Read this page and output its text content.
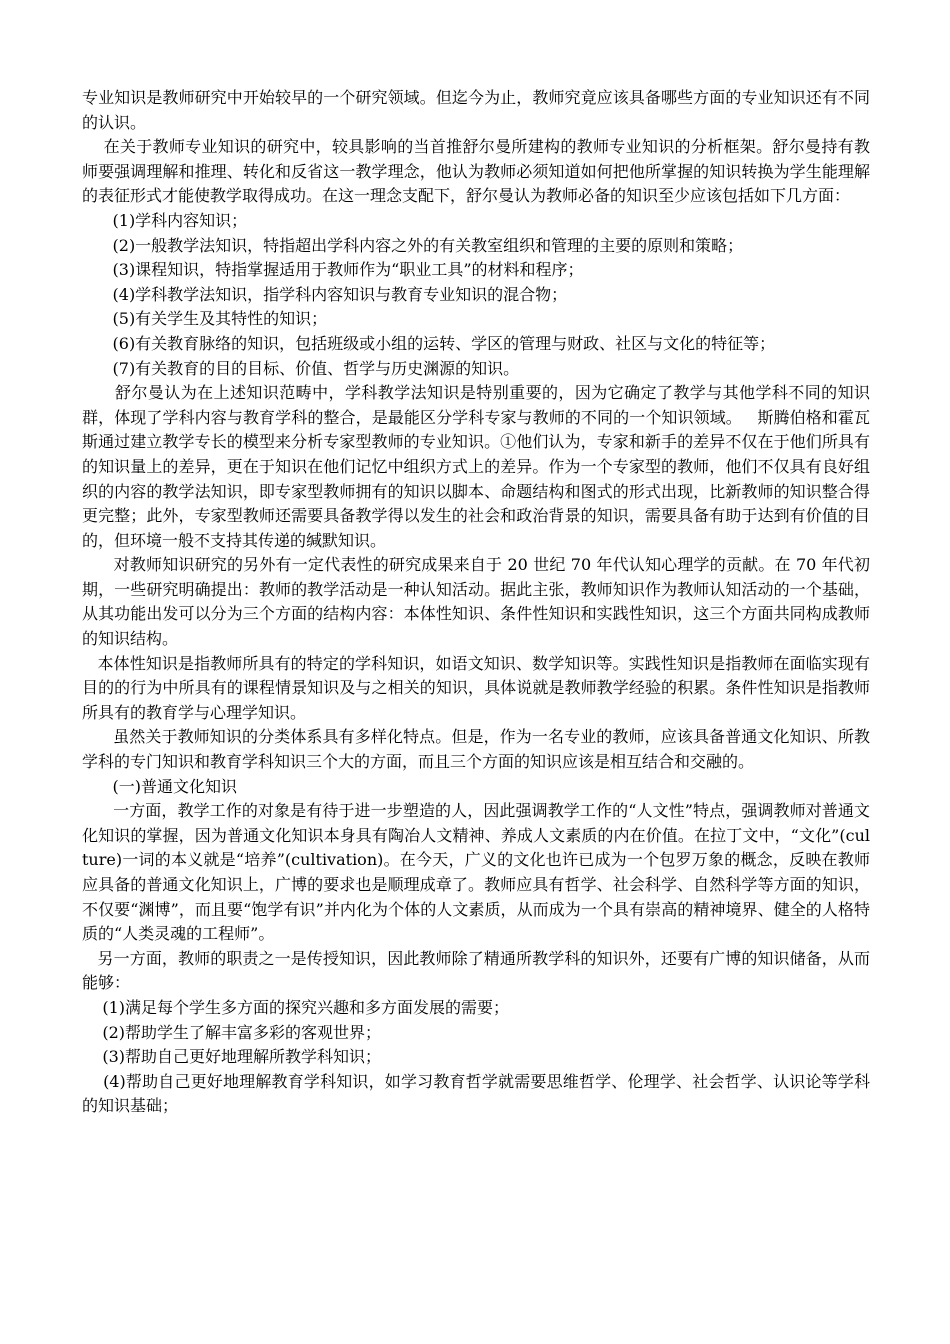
专业知识是教师研究中开始较早的一个研究领域。但迄今为止，教师究竟应该具备哪些方面的专业知识还有不同的认识。

在关于教师专业知识的研究中，较具影响的当首推舒尔曼所建构的教师专业知识的分析框架。舒尔曼持有教师要强调理解和推理、转化和反省这一教学理念，他认为教师必须知道如何把他所掌握的知识转换为学生能理解的表征形式才能使教学取得成功。在这一理念支配下，舒尔曼认为教师必备的知识至少应该包括如下几方面：

(1)学科内容知识；

(2)一般教学法知识，特指超出学科内容之外的有关教室组织和管理的主要的原则和策略；

(3)课程知识，特指掌握适用于教师作为“职业工具”的材料和程序；

(4)学科教学法知识，指学科内容知识与教育专业知识的混合物；

(5)有关学生及其特性的知识；

(6)有关教育脉络的知识，包括班级或小组的运转、学区的管理与财政、社区与文化的特征等；

(7)有关教育的目的目标、价值、哲学与历史渊源的知识。

舒尔曼认为在上述知识范畴中，学科教学法知识是特别重要的，因为它确定了教学与其他学科不同的知识群，体现了学科内容与教育学科的整合，是最能区分学科专家与教师的不同的一个知识领域。   斯腾伯格和霍瓦斯通过建立教学专长的模型来分析专家型教师的专业知识。①他们认为，专家和新手的差异不仅在于他们所具有的知识量上的差异，更在于知识在他们记忆中组织方式上的差异。作为一个专家型的教师，他们不仅具有良好组织的内容的教学法知识，即专家型教师拥有的知识以脚本、命题结构和图式的形式出现，比新教师的知识整合得更完整；此外，专家型教师还需要具备教学得以发生的社会和政治背景的知识，需要具备有助于达到有价值的目的，但环境一般不支持其传递的缄默知识。

对教师知识研究的另外有一定代表性的研究成果来自于 20 世纪 70 年代认知心理学的贡献。在 70 年代初期，一些研究明确提出：教师的教学活动是一种认知活动。据此主张，教师知识作为教师认知活动的一个基础，从其功能出发可以分为三个方面的结构内容：本体性知识、条件性知识和实践性知识，这三个方面共同构成教师的知识结构。

本体性知识是指教师所具有的特定的学科知识，如语文知识、数学知识等。实践性知识是指教师在面临实现有目的的行为中所具有的课程情景知识及与之相关的知识，具体说就是教师教学经验的积累。条件性知识是指教师所具有的教育学与心理学知识。

虽然关于教师知识的分类体系具有多样化特点。但是，作为一名专业的教师，应该具备普通文化知识、所教学科的专门知识和教育学科知识三个大的方面，而且三个方面的知识应该是相互结合和交融的。

(一)普通文化知识

一方面，教学工作的对象是有待于进一步塑造的人，因此强调教学工作的“人文性”特点，强调教师对普通文化知识的掌握，因为普通文化知识本身具有陶冶人文精神、养成人文素质的内在价值。在拉丁文中，“文化”(culture)一词的本义就是“培养”(cultivation)。在今天，广义的文化也许已成为一个包罗万象的概念，反映在教师应具备的普通文化知识上，广博的要求也是顺理成章了。教师应具有哲学、社会科学、自然科学等方面的知识，不仅要“渊博”，而且要“饱学有识”并内化为个体的人文素质，从而成为一个具有崇高的精神境界、健全的人格特质的“人类灵魂的工程师”。

另一方面，教师的职责之一是传授知识，因此教师除了精通所教学科的知识外，还要有广博的知识储备，从而能够：

(1)满足每个学生多方面的探究兴趣和多方面发展的需要；

(2)帮助学生了解丰富多彩的客观世界；

(3)帮助自己更好地理解所教学科知识；

(4)帮助自己更好地理解教育学科知识，如学习教育哲学就需要思维哲学、伦理学、社会哲学、认识论等学科的知识基础；
